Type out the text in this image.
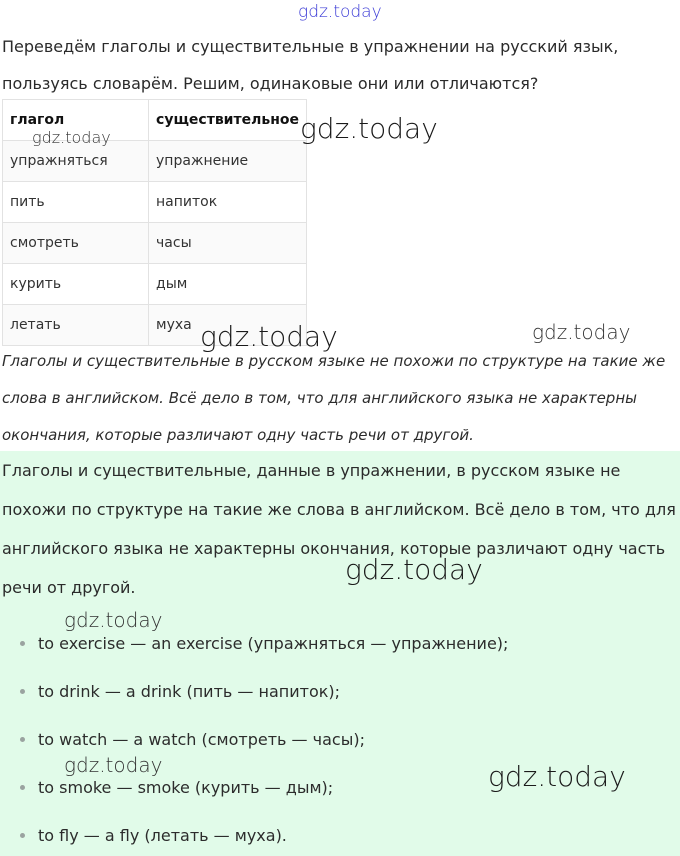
gdz.today

Переведём глаголы и существительные в упражнении на русский язык, пользуясь словарём. Решим, одинаковые они или отличаются?

глагол	существительное
упражняться	упражнение
пить	напиток
смотреть	часы
курить	дым
летать	муха

Глаголы и существительные в русском языке не похожи по структуре на такие же слова в английском. Всё дело в том, что для английского языка не характерны окончания, которые различают одну часть речи от другой.

Глаголы и существительные, данные в упражнении, в русском языке не похожи по структуре на такие же слова в английском. Всё дело в том, что для английского языка не характерны окончания, которые различают одну часть речи от другой.

to exercise — an exercise (упражняться — упражнение);
to drink — a drink (пить — напиток);
to watch — a watch (смотреть — часы);
to smoke — smoke (курить — дым);
to fly — a fly (летать — муха).
gdz.today	gdz.today
gdz.today	gdz.today
gdz.today
gdz.today
gdz.today	gdz.today
